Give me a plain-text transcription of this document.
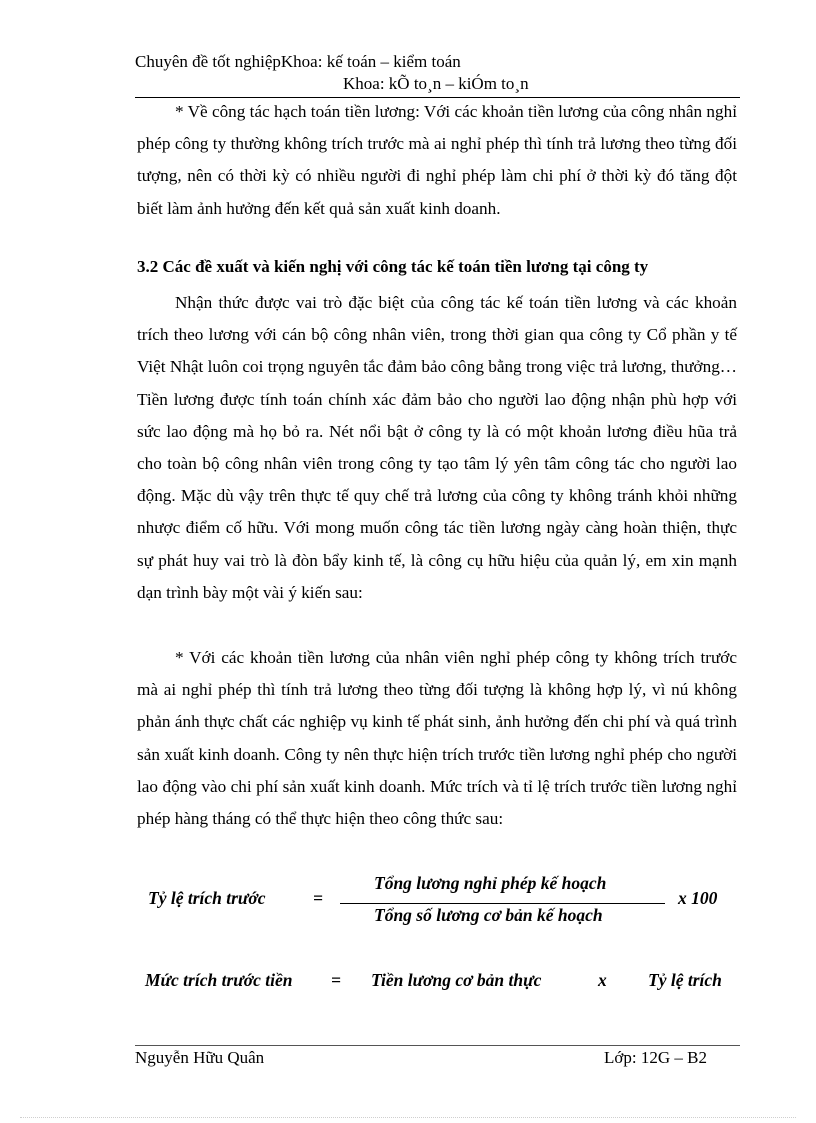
Chuyên đề tốt nghiệpKhoa: kế toán – kiểm toán
Khoa: kÕ to¸n – kiÓm to¸n

* Về công tác hạch toán tiền lương: Với các khoản tiền lương của công nhân nghỉ phép công ty thường không trích trước mà ai nghỉ phép thì tính trả lương theo từng đối tượng, nên có thời kỳ có nhiều người đi nghỉ phép làm chi phí ở thời kỳ đó tăng đột biết làm ảnh hưởng đến kết quả sản xuất kinh doanh.

3.2 Các đề xuất và kiến nghị với công tác kế toán tiền lương tại công ty

Nhận thức được vai trò đặc biệt của công tác kế toán tiền lương và các khoản trích theo lương với cán bộ công nhân viên, trong thời gian qua công ty Cổ phần y tế Việt Nhật luôn coi trọng nguyên tắc đảm bảo công bằng trong việc trả lương, thưởng… Tiền lương được tính toán chính xác đảm bảo cho người lao động nhận phù hợp với sức lao động mà họ bỏ ra. Nét nổi bật ở công ty là có một khoản lương điều hũa trả cho toàn bộ công nhân viên trong công ty tạo tâm lý yên tâm công tác cho người lao động. Mặc dù vậy trên thực tế quy chế trả lương của công ty không tránh khỏi những nhược điểm cố hữu. Với mong muốn công tác tiền lương ngày càng hoàn thiện, thực sự phát huy vai trò là đòn bẩy kinh tế, là công cụ hữu hiệu của quản lý, em xin mạnh dạn trình bày một vài ý kiến sau:

* Với các khoản tiền lương của nhân viên nghỉ phép công ty không trích trước mà ai nghỉ phép thì tính trả lương theo từng đối tượng là không hợp lý, vì nú không phản ánh thực chất các nghiệp vụ kinh tế phát sinh, ảnh hưởng đến chi phí và quá trình sản xuất kinh doanh. Công ty nên thực hiện trích trước tiền lương nghỉ phép cho người lao động vào chi phí sản xuất kinh doanh. Mức trích và tỉ lệ trích trước tiền lương nghỉ phép hàng tháng có thể thực hiện theo công thức sau:

Tỷ lệ trích trước	=
Tổng lương nghỉ phép kế hoạch
Tổng số lương cơ bản kế hoạch
x 100
Mức trích trước tiền = Tiền lương cơ bản thực	x Tỷ lệ trích
Nguyễn Hữu Quân	Lớp: 12G – B2
